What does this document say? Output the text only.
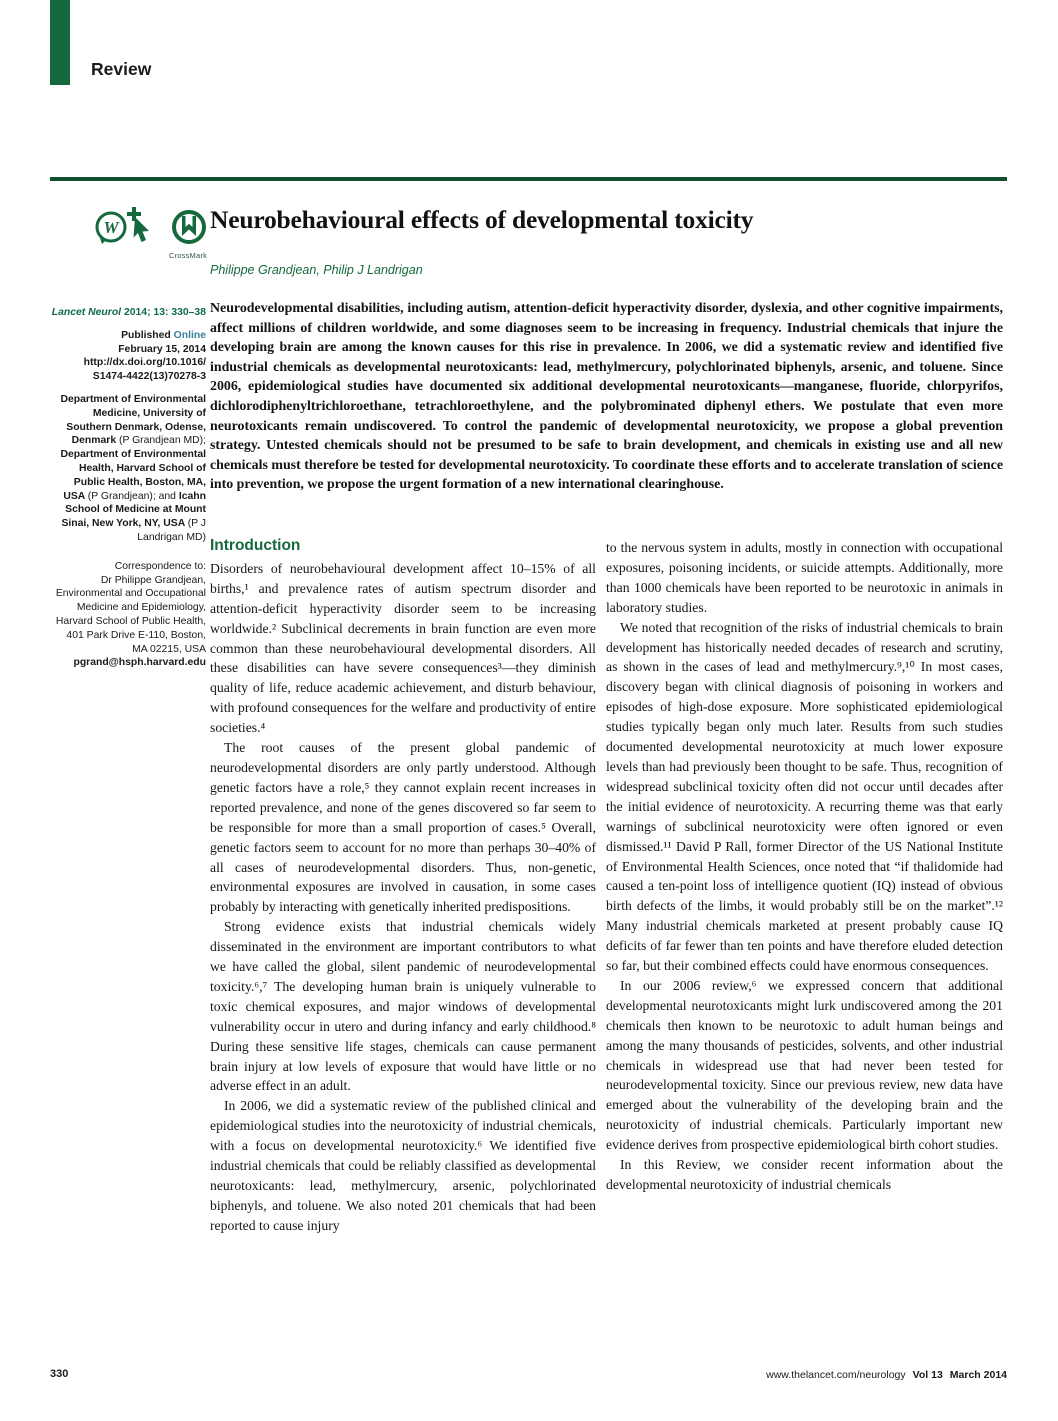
Review
W
CrossMark
Neurobehavioural effects of developmental toxicity
Philippe Grandjean, Philip J Landrigan
Neurodevelopmental disabilities, including autism, attention-deficit hyperactivity disorder, dyslexia, and other cognitive impairments, affect millions of children worldwide, and some diagnoses seem to be increasing in frequency. Industrial chemicals that injure the developing brain are among the known causes for this rise in prevalence. In 2006, we did a systematic review and identified five industrial chemicals as developmental neurotoxicants: lead, methylmercury, polychlorinated biphenyls, arsenic, and toluene. Since 2006, epidemiological studies have documented six additional developmental neurotoxicants—manganese, fluoride, chlorpyrifos, dichlorodiphenyltrichloroethane, tetrachloroethylene, and the polybrominated diphenyl ethers. We postulate that even more neurotoxicants remain undiscovered. To control the pandemic of developmental neurotoxicity, we propose a global prevention strategy. Untested chemicals should not be presumed to be safe to brain development, and chemicals in existing use and all new chemicals must therefore be tested for developmental neurotoxicity. To coordinate these efforts and to accelerate translation of science into prevention, we propose the urgent formation of a new international clearinghouse.

Lancet Neurol 2014; 13: 330–38

Published Online
February 15, 2014
http://dx.doi.org/10.1016/
S1474-4422(13)70278-3

Department of Environmental Medicine, University of Southern Denmark, Odense, Denmark (P Grandjean MD); Department of Environmental Health, Harvard School of Public Health, Boston, MA, USA (P Grandjean); and Icahn School of Medicine at Mount Sinai, New York, NY, USA (P J Landrigan MD)

Correspondence to:
Dr Philippe Grandjean, Environmental and Occupational Medicine and Epidemiology, Harvard School of Public Health, 401 Park Drive E-110, Boston, MA 02215, USA
pgrand@hsph.harvard.edu

Introduction

Disorders of neurobehavioural development affect 10–15% of all births,¹ and prevalence rates of autism spectrum disorder and attention-deficit hyperactivity disorder seem to be increasing worldwide.² Subclinical decrements in brain function are even more common than these neurobehavioural developmental disorders. All these disabilities can have severe consequences³—they diminish quality of life, reduce academic achievement, and disturb behaviour, with profound consequences for the welfare and productivity of entire societies.⁴

The root causes of the present global pandemic of neurodevelopmental disorders are only partly understood. Although genetic factors have a role,⁵ they cannot explain recent increases in reported prevalence, and none of the genes discovered so far seem to be responsible for more than a small proportion of cases.⁵ Overall, genetic factors seem to account for no more than perhaps 30–40% of all cases of neurodevelopmental disorders. Thus, non-genetic, environmental exposures are involved in causation, in some cases probably by interacting with genetically inherited predispositions.

Strong evidence exists that industrial chemicals widely disseminated in the environment are important contributors to what we have called the global, silent pandemic of neurodevelopmental toxicity.⁶,⁷ The developing human brain is uniquely vulnerable to toxic chemical exposures, and major windows of developmental vulnerability occur in utero and during infancy and early childhood.⁸ During these sensitive life stages, chemicals can cause permanent brain injury at low levels of exposure that would have little or no adverse effect in an adult.

In 2006, we did a systematic review of the published clinical and epidemiological studies into the neurotoxicity of industrial chemicals, with a focus on developmental neurotoxicity.⁶ We identified five industrial chemicals that could be reliably classified as developmental neurotoxicants: lead, methylmercury, arsenic, polychlorinated biphenyls, and toluene. We also noted 201 chemicals that had been reported to cause injury

to the nervous system in adults, mostly in connection with occupational exposures, poisoning incidents, or suicide attempts. Additionally, more than 1000 chemicals have been reported to be neurotoxic in animals in laboratory studies.

We noted that recognition of the risks of industrial chemicals to brain development has historically needed decades of research and scrutiny, as shown in the cases of lead and methylmercury.⁹,¹⁰ In most cases, discovery began with clinical diagnosis of poisoning in workers and episodes of high-dose exposure. More sophisticated epidemiological studies typically began only much later. Results from such studies documented developmental neurotoxicity at much lower exposure levels than had previously been thought to be safe. Thus, recognition of widespread subclinical toxicity often did not occur until decades after the initial evidence of neurotoxicity. A recurring theme was that early warnings of subclinical neurotoxicity were often ignored or even dismissed.¹¹ David P Rall, former Director of the US National Institute of Environmental Health Sciences, once noted that “if thalidomide had caused a ten-point loss of intelligence quotient (IQ) instead of obvious birth defects of the limbs, it would probably still be on the market”.¹² Many industrial chemicals marketed at present probably cause IQ deficits of far fewer than ten points and have therefore eluded detection so far, but their combined effects could have enormous consequences.

In our 2006 review,⁶ we expressed concern that additional developmental neurotoxicants might lurk undiscovered among the 201 chemicals then known to be neurotoxic to adult human beings and among the many thousands of pesticides, solvents, and other industrial chemicals in widespread use that had never been tested for neurodevelopmental toxicity. Since our previous review, new data have emerged about the vulnerability of the developing brain and the neurotoxicity of industrial chemicals. Particularly important new evidence derives from prospective epidemiological birth cohort studies.

In this Review, we consider recent information about the developmental neurotoxicity of industrial chemicals

330	www.thelancet.com/neurology Vol 13 March 2014
